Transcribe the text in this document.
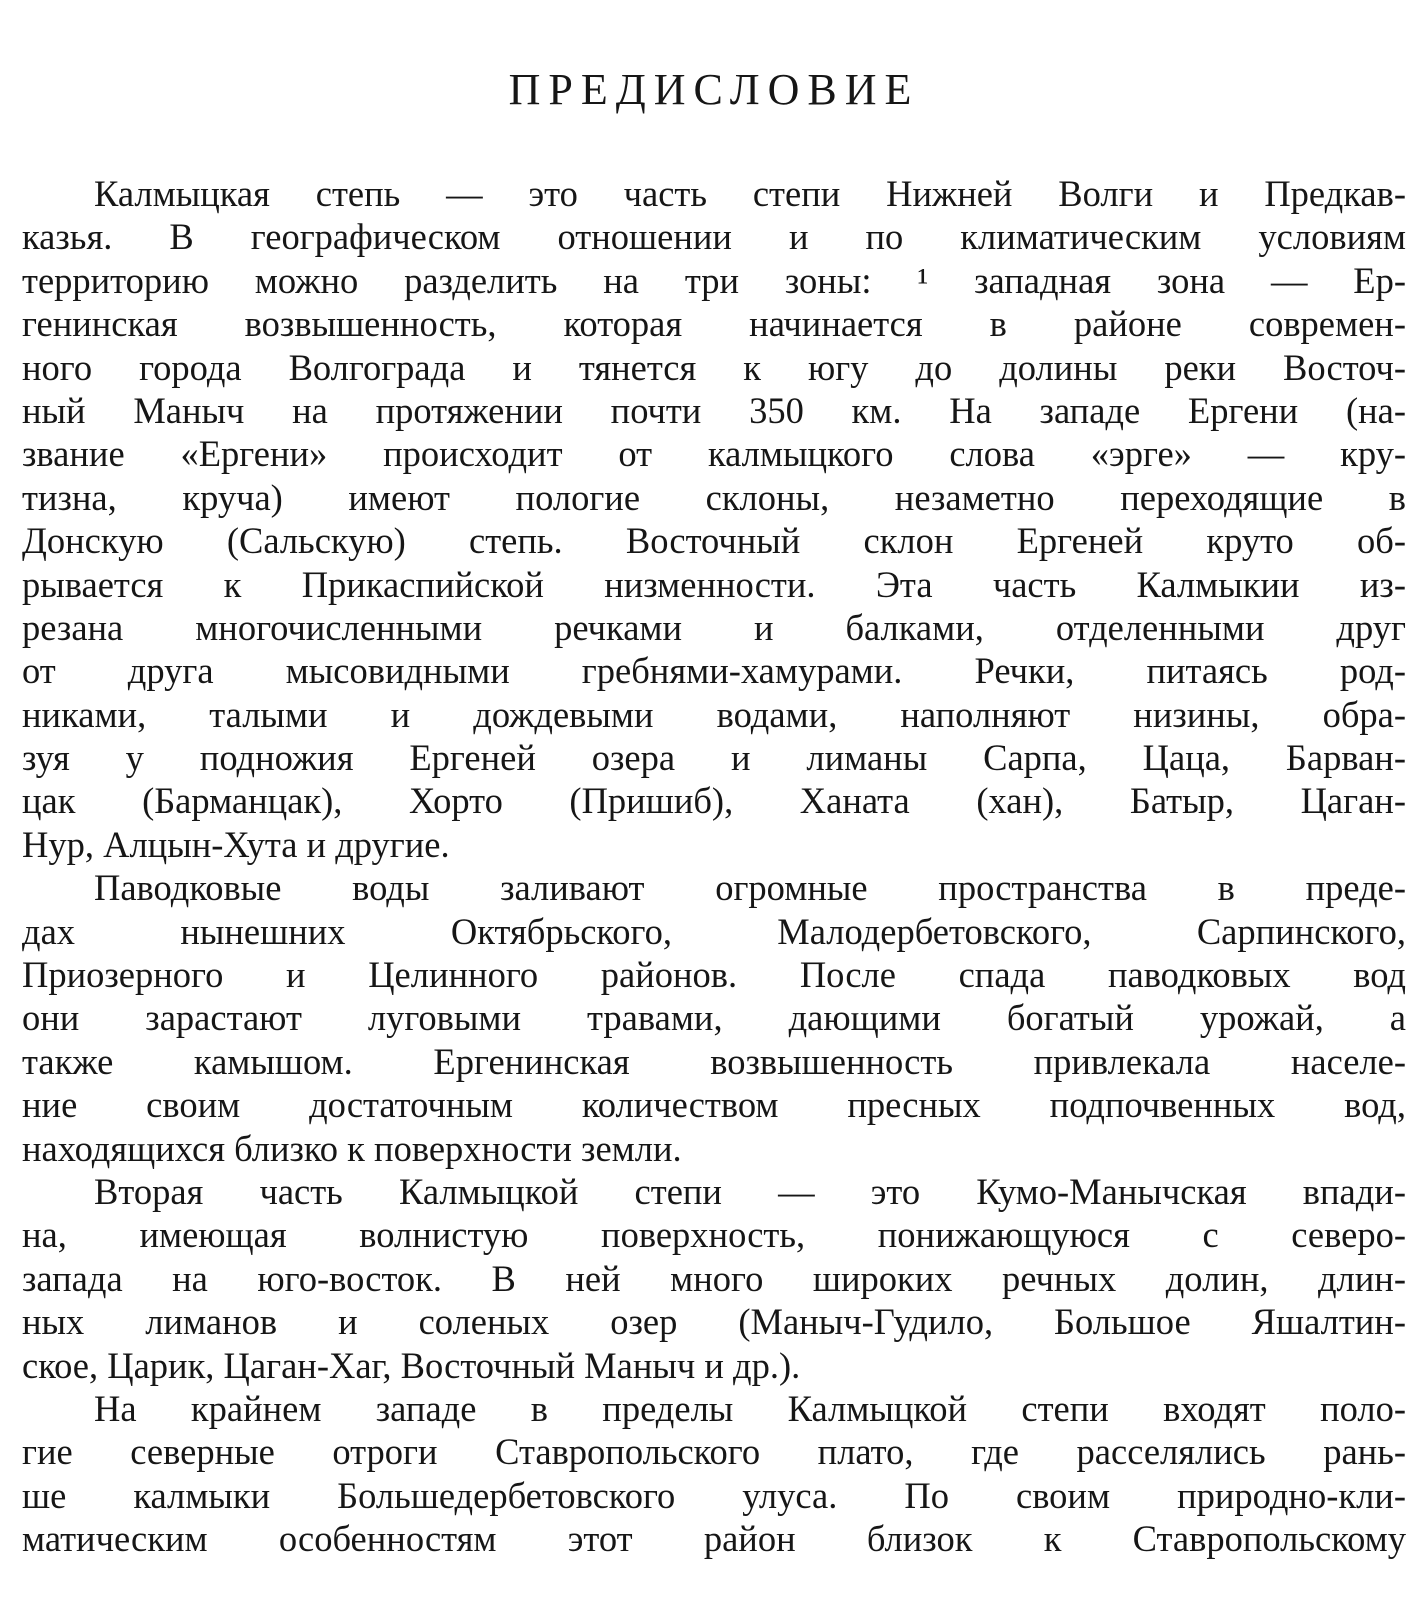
ПРЕДИСЛОВИЕ
Калмыцкая степь — это часть степи Нижней Волги и Предкав-
казья. В географическом отношении и по климатическим условиям
территорию можно разделить на три зоны: ¹ западная зона — Ер-
генинская возвышенность, которая начинается в районе современ-
ного города Волгограда и тянется к югу до долины реки Восточ-
ный Маныч на протяжении почти 350 км. На западе Ергени (на-
звание «Ергени» происходит от калмыцкого слова «эрге» — кру-
тизна, круча) имеют пологие склоны, незаметно переходящие в
Донскую (Сальскую) степь. Восточный склон Ергеней круто об-
рывается к Прикаспийской низменности. Эта часть Калмыкии из-
резана многочисленными речками и балками, отделенными друг
от друга мысовидными гребнями-хамурами. Речки, питаясь род-
никами, талыми и дождевыми водами, наполняют низины, обра-
зуя у подножия Ергеней озера и лиманы Сарпа, Цаца, Барван-
цак (Барманцак), Хорто (Пришиб), Ханата (хан), Батыр, Цаган-
Нур, Алцын-Хута и другие.
Паводковые воды заливают огромные пространства в преде-
дах нынешних Октябрьского, Малодербетовского, Сарпинского,
Приозерного и Целинного районов. После спада паводковых вод
они зарастают луговыми травами, дающими богатый урожай, а
также камышом. Ергенинская возвышенность привлекала населе-
ние своим достаточным количеством пресных подпочвенных вод,
находящихся близко к поверхности земли.
Вторая часть Калмыцкой степи — это Кумо-Манычская впади-
на, имеющая волнистую поверхность, понижающуюся с северо-
запада на юго-восток. В ней много широких речных долин, длин-
ных лиманов и соленых озер (Маныч-Гудило, Большое Яшалтин-
ское, Царик, Цаган-Хаг, Восточный Маныч и др.).
На крайнем западе в пределы Калмыцкой степи входят поло-
гие северные отроги Ставропольского плато, где расселялись рань-
ше калмыки Большедербетовского улуса. По своим природно-кли-
матическим особенностям этот район близок к Ставропольскому
